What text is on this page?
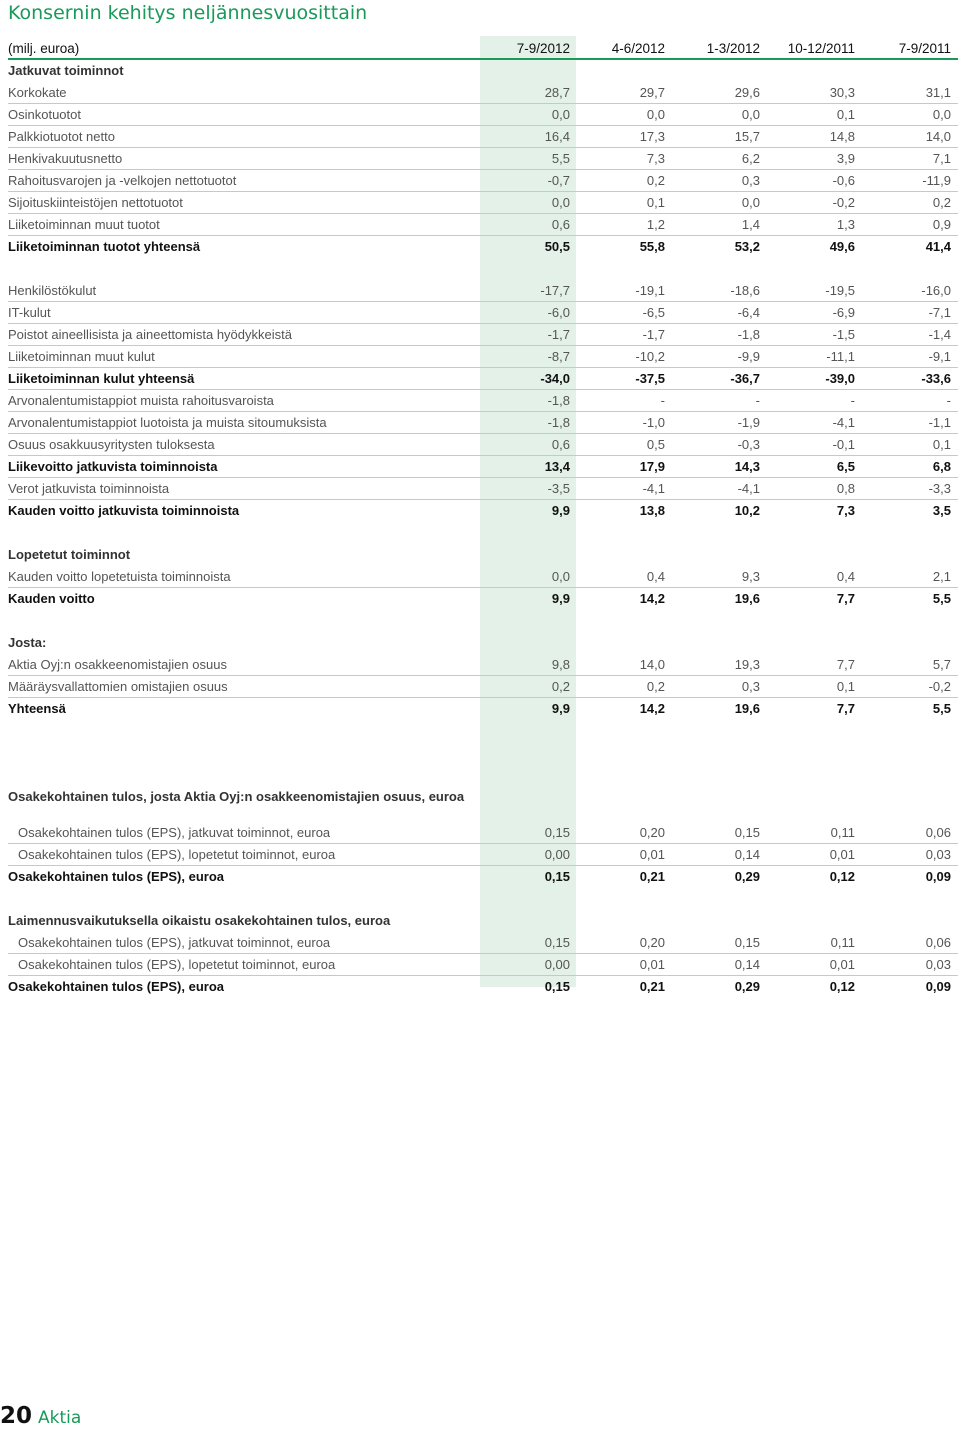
Konsernin kehitys neljännesvuosittain
(milj. euroa)	7-9/2012	4-6/2012	1-3/2012	10-12/2011	7-9/2011
Jatkuvat toiminnot
Korkokate	28,7	29,7	29,6	30,3	31,1
Osinkotuotot	0,0	0,0	0,0	0,1	0,0
Palkkiotuotot netto	16,4	17,3	15,7	14,8	14,0
Henkivakuutusnetto	5,5	7,3	6,2	3,9	7,1
Rahoitusvarojen ja -velkojen nettotuotot	-0,7	0,2	0,3	-0,6	-11,9
Sijoituskiinteistöjen nettotuotot	0,0	0,1	0,0	-0,2	0,2
Liiketoiminnan muut tuotot	0,6	1,2	1,4	1,3	0,9
Liiketoiminnan tuotot yhteensä	50,5	55,8	53,2	49,6	41,4
Henkilöstökulut	-17,7	-19,1	-18,6	-19,5	-16,0
IT-kulut	-6,0	-6,5	-6,4	-6,9	-7,1
Poistot aineellisista ja aineettomista hyödykkeistä	-1,7	-1,7	-1,8	-1,5	-1,4
Liiketoiminnan muut kulut	-8,7	-10,2	-9,9	-11,1	-9,1
Liiketoiminnan kulut yhteensä	-34,0	-37,5	-36,7	-39,0	-33,6
Arvonalentumistappiot muista rahoitusvaroista	-1,8	-	-	-	-
Arvonalentumistappiot luotoista ja muista sitoumuksista	-1,8	-1,0	-1,9	-4,1	-1,1
Osuus osakkuusyritysten tuloksesta	0,6	0,5	-0,3	-0,1	0,1
Liikevoitto jatkuvista toiminnoista	13,4	17,9	14,3	6,5	6,8
Verot jatkuvista toiminnoista	-3,5	-4,1	-4,1	0,8	-3,3
Kauden voitto jatkuvista toiminnoista	9,9	13,8	10,2	7,3	3,5
Lopetetut toiminnot
Kauden voitto lopetetuista toiminnoista	0,0	0,4	9,3	0,4	2,1
Kauden voitto	9,9	14,2	19,6	7,7	5,5
Josta:
Aktia Oyj:n osakkeenomistajien osuus	9,8	14,0	19,3	7,7	5,7
Määräysvallattomien omistajien osuus	0,2	0,2	0,3	0,1	-0,2
Yhteensä	9,9	14,2	19,6	7,7	5,5
Osakekohtainen tulos, josta Aktia Oyj:n osakkeenomistajien osuus, euroa
Osakekohtainen tulos (EPS), jatkuvat toiminnot, euroa	0,15	0,20	0,15	0,11	0,06
Osakekohtainen tulos (EPS), lopetetut toiminnot, euroa	0,00	0,01	0,14	0,01	0,03
Osakekohtainen tulos (EPS), euroa	0,15	0,21	0,29	0,12	0,09
Laimennusvaikutuksella oikaistu osakekohtainen tulos, euroa
Osakekohtainen tulos (EPS), jatkuvat toiminnot, euroa	0,15	0,20	0,15	0,11	0,06
Osakekohtainen tulos (EPS), lopetetut toiminnot, euroa	0,00	0,01	0,14	0,01	0,03
Osakekohtainen tulos (EPS), euroa	0,15	0,21	0,29	0,12	0,09
20 Aktia
